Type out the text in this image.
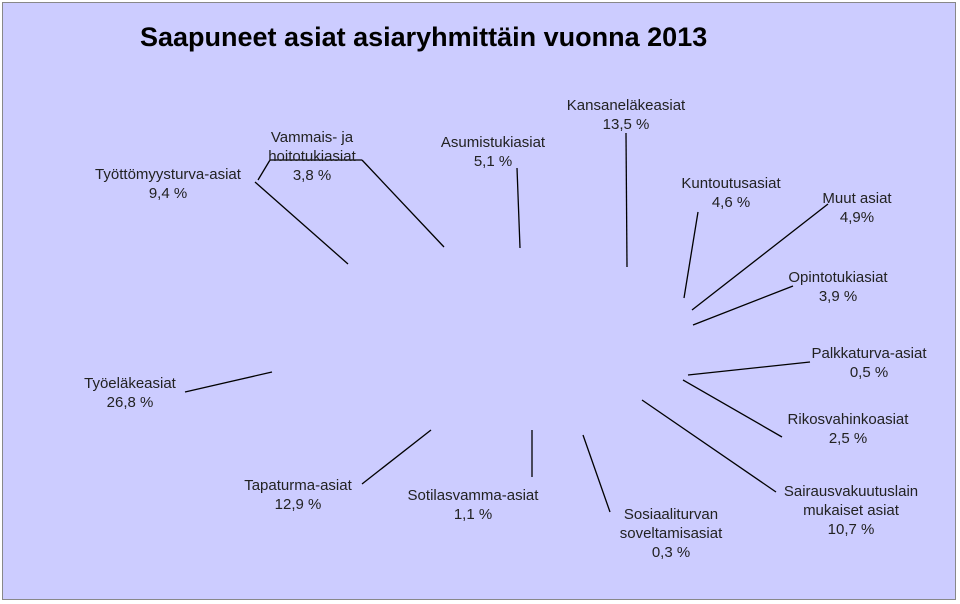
Saapuneet asiat asiaryhmittäin vuonna 2013
Työttömyysturva-asiat
9,4 %
Vammais- ja
hoitotukiasiat
3,8 %
Asumistukiasiat
5,1 %
Kansaneläkeasiat
13,5 %
Kuntoutusasiat
4,6 %	Muut asiat
4,9%
Opintotukiasiat
3,9 %
Palkkaturva-asiat
0,5 %
Rikosvahinkoasiat
2,5 %
Sairausvakuutuslain
mukaiset asiat
10,7 %
Sosiaaliturvan
soveltamisasiat
0,3 %
Sotilasvamma-asiat
1,1 %
Tapaturma-asiat
12,9 %
Työeläkeasiat
26,8 %
